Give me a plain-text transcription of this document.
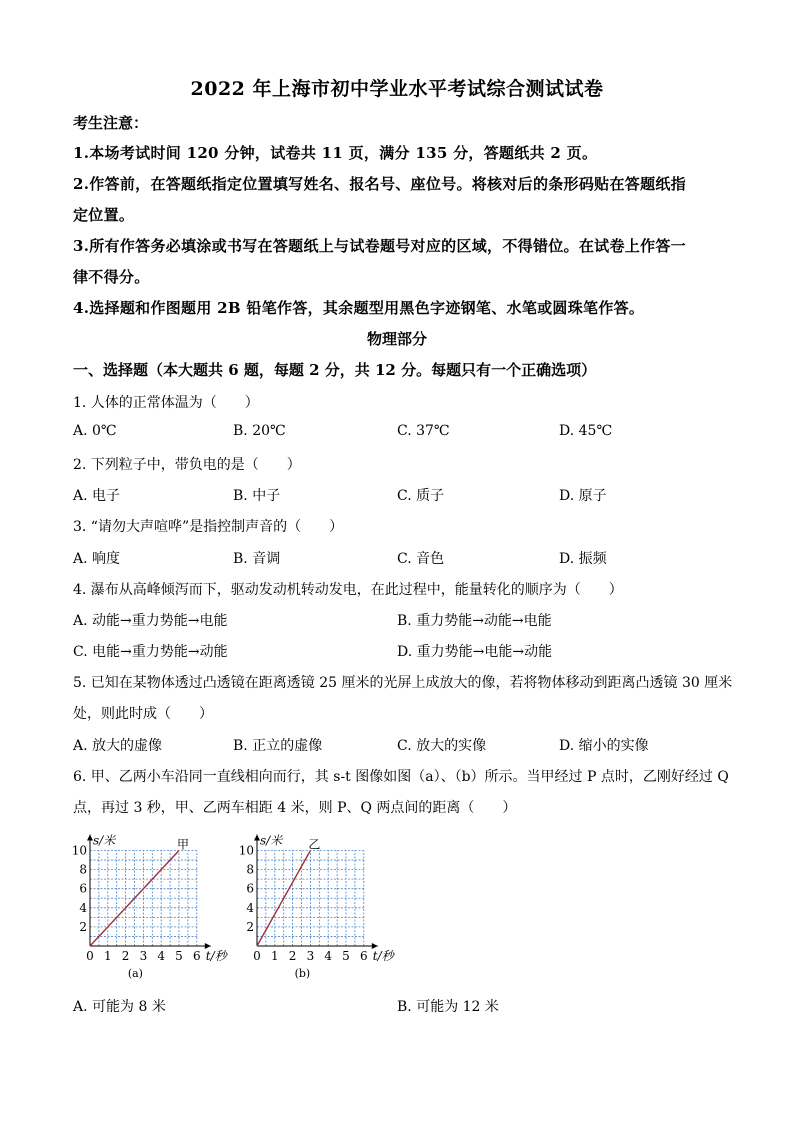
2022 年上海市初中学业水平考试综合测试试卷
考生注意：
1.本场考试时间 120 分钟，试卷共 11 页，满分 135 分，答题纸共 2 页。
2.作答前，在答题纸指定位置填写姓名、报名号、座位号。将核对后的条形码贴在答题纸指
定位置。
3.所有作答务必填涂或书写在答题纸上与试卷题号对应的区域，不得错位。在试卷上作答一
律不得分。
4.选择题和作图题用 2B 铅笔作答，其余题型用黑色字迹钢笔、水笔或圆珠笔作答。
物理部分
一、选择题（本大题共 6 题，每题 2 分，共 12 分。每题只有一个正确选项）
1. 人体的正常体温为（　　）
A. 0℃	B. 20℃	C. 37℃	D. 45℃
2. 下列粒子中，带负电的是（　　）
A. 电子	B. 中子	C. 质子	D. 原子
3. “请勿大声喧哗”是指控制声音的（　　）
A. 响度	B. 音调	C. 音色	D. 振频
4. 瀑布从高峰倾泻而下，驱动发动机转动发电，在此过程中，能量转化的顺序为（　　）
A. 动能→重力势能→电能	B. 重力势能→动能→电能
C. 电能→重力势能→动能	D. 重力势能→电能→动能
5. 已知在某物体透过凸透镜在距离透镜 25 厘米的光屏上成放大的像，若将物体移动到距离凸透镜 30 厘米
处，则此时成（　　）
A. 放大的虚像	B. 正立的虚像	C. 放大的实像	D. 缩小的实像
6. 甲、乙两小车沿同一直线相向而行，其 s-t 图像如图（a）、（b）所示。当甲经过 P 点时，乙刚好经过 Q
点，再过 3 秒，甲、乙两车相距 4 米，则 P、Q 两点间的距离（　　）
0 1 2 3 4 5 6
2
4
6
8
10
s/米
t/秒
甲
(a)
0 1 2 3 4 5 6
2
4
6
8
10
s/米
t/秒
乙
(b)
A. 可能为 8 米	B. 可能为 12 米
